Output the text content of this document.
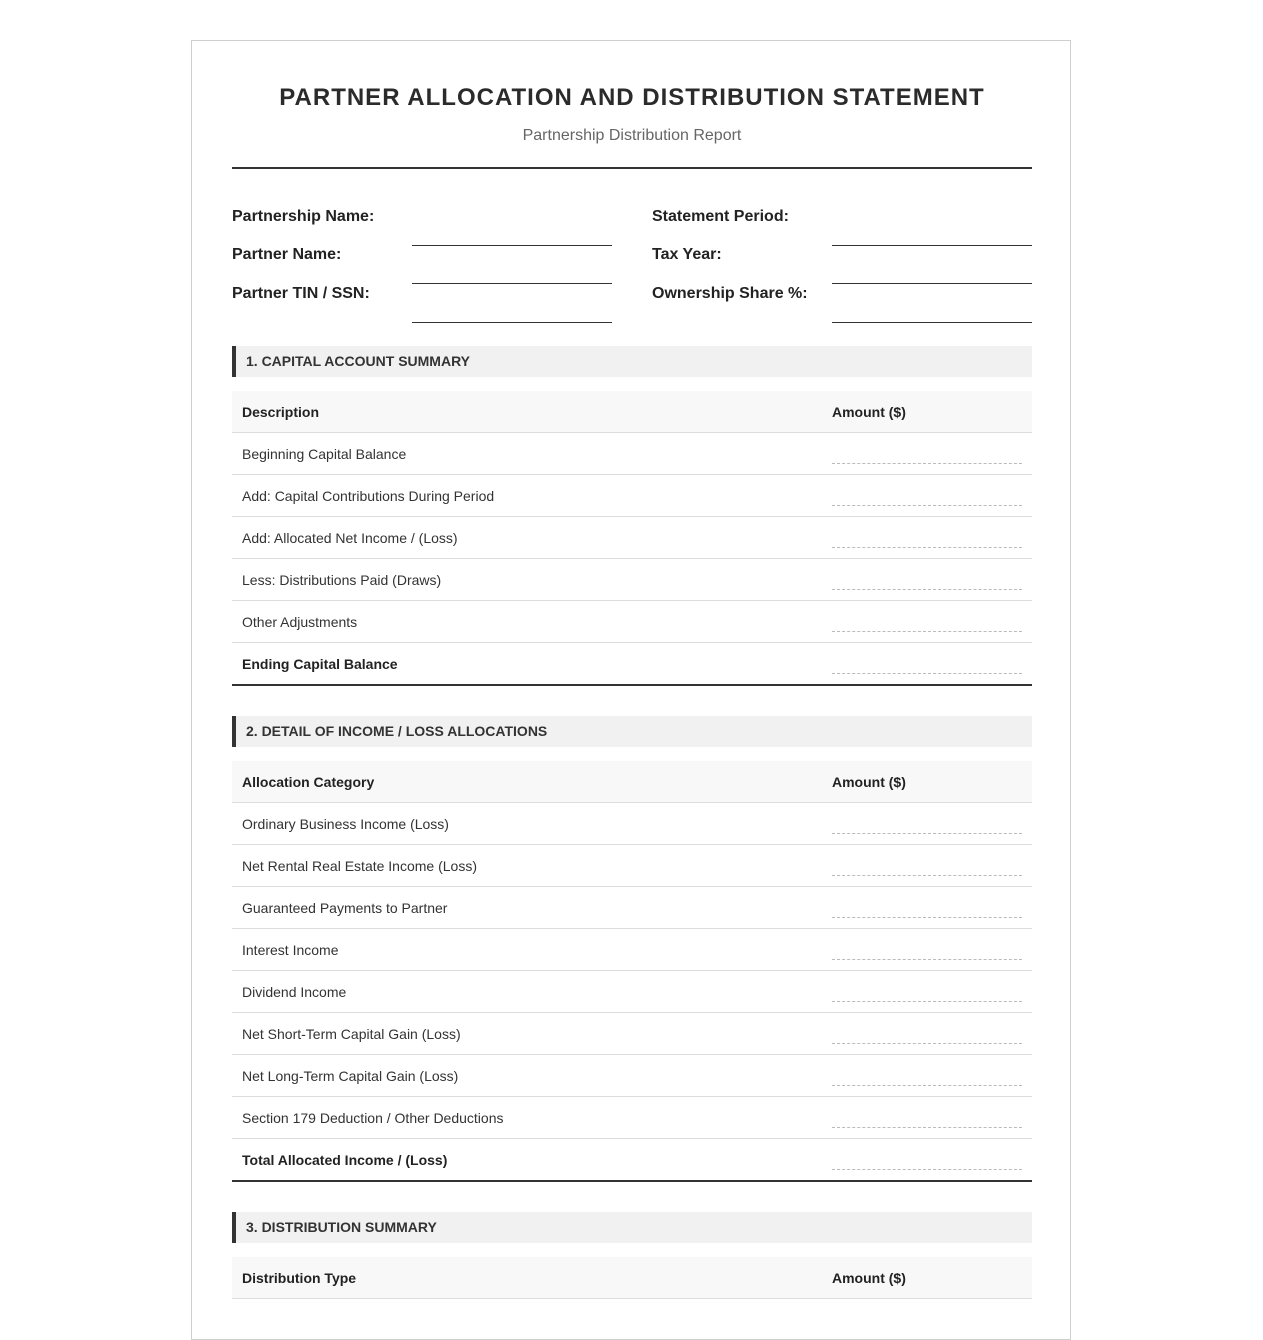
PARTNER ALLOCATION AND DISTRIBUTION STATEMENT
Partnership Distribution Report
Partnership Name:
Partner Name:
Partner TIN / SSN:
Statement Period:
Tax Year:
Ownership Share %:
1. CAPITAL ACCOUNT SUMMARY
Description	Amount ($)
Beginning Capital Balance	

Add: Capital Contributions During Period	

Add: Allocated Net Income / (Loss)	

Less: Distributions Paid (Draws)	

Other Adjustments	

Ending Capital Balance	
2. DETAIL OF INCOME / LOSS ALLOCATIONS
Allocation Category	Amount ($)
Ordinary Business Income (Loss)	

Net Rental Real Estate Income (Loss)	

Guaranteed Payments to Partner	

Interest Income	

Dividend Income	

Net Short-Term Capital Gain (Loss)	

Net Long-Term Capital Gain (Loss)	

Section 179 Deduction / Other Deductions	

Total Allocated Income / (Loss)	
3. DISTRIBUTION SUMMARY
Distribution Type	Amount ($)
